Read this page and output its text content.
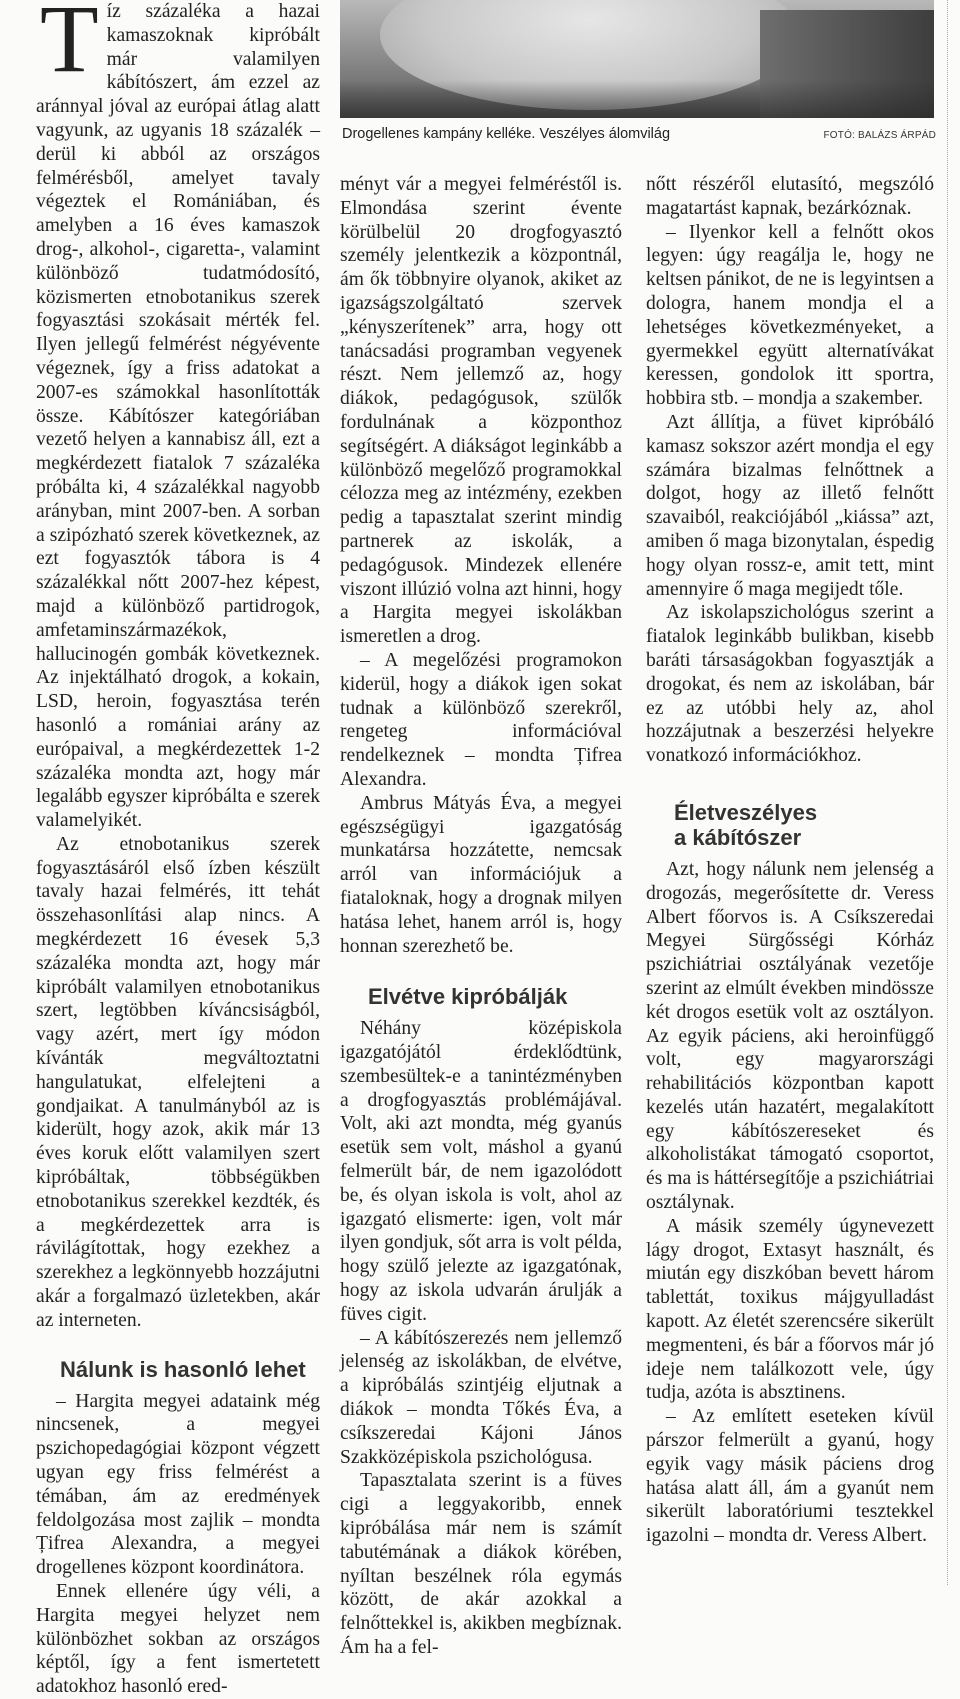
Drogellenes kampány kelléke. Veszélyes álomvilág	FOTÓ: BALÁZS ÁRPÁD

Tíz százaléka a hazai kamaszoknak kipróbált már valamilyen kábítószert, ám ezzel az aránnyal jóval az európai átlag alatt vagyunk, az ugyanis 18 százalék – derül ki abból az országos felmérésből, amelyet tavaly végeztek el Romániában, és amelyben a 16 éves kamaszok drog-, alkohol-, cigaretta-, valamint különböző tudatmódosító, közismerten etnobotanikus szerek fogyasztási szokásait mérték fel. Ilyen jellegű felmérést négyévente végeznek, így a friss adatokat a 2007-es számokkal hasonlították össze. Kábítószer kategóriában vezető helyen a kannabisz áll, ezt a megkérdezett fiatalok 7 százaléka próbálta ki, 4 százalékkal nagyobb arányban, mint 2007-ben. A sorban a szipózható szerek következnek, az ezt fogyasztók tábora is 4 százalékkal nőtt 2007-hez képest, majd a különböző partidrogok, amfetaminszármazékok, hallucinogén gombák következnek. Az injektálható drogok, a kokain, LSD, heroin, fogyasztása terén hasonló a romániai arány az európaival, a megkérdezettek 1-2 százaléka mondta azt, hogy már legalább egyszer kipróbálta e szerek valamelyikét.

Az etnobotanikus szerek fogyasztásáról első ízben készült tavaly hazai felmérés, itt tehát összehasonlítási alap nincs. A megkérdezett 16 évesek 5,3 százaléka mondta azt, hogy már kipróbált valamilyen etnobotanikus szert, legtöbben kíváncsiságból, vagy azért, mert így módon kívánták megváltoztatni hangulatukat, elfelejteni a gondjaikat. A tanulmányból az is kiderült, hogy azok, akik már 13 éves koruk előtt valamilyen szert kipróbáltak, többségükben etnobotanikus szerekkel kezdték, és a megkérdezettek arra is rávilágítottak, hogy ezekhez a szerekhez a legkönnyebb hozzájutni akár a forgalmazó üzletekben, akár az interneten.

Nálunk is hasonló lehet

– Hargita megyei adataink még nincsenek, a megyei pszichopedagógiai központ végzett ugyan egy friss felmérést a témában, ám az eredmények feldolgozása most zajlik – mondta Țifrea Alexandra, a megyei drogellenes központ koordinátora.

Ennek ellenére úgy véli, a Hargita megyei helyzet nem különbözhet sokban az országos képtől, így a fent ismertetett adatokhoz hasonló ered-

ményt vár a megyei felméréstől is. Elmondása szerint évente körülbelül 20 drogfogyasztó személy jelentkezik a központnál, ám ők többnyire olyanok, akiket az igazságszolgáltató szervek „kényszerítenek” arra, hogy ott tanácsadási programban vegyenek részt. Nem jellemző az, hogy diákok, pedagógusok, szülők fordulnának a központhoz segítségért. A diákságot leginkább a különböző megelőző programokkal célozza meg az intézmény, ezekben pedig a tapasztalat szerint mindig partnerek az iskolák, a pedagógusok. Mindezek ellenére viszont illúzió volna azt hinni, hogy a Hargita megyei iskolákban ismeretlen a drog.

– A megelőzési programokon kiderül, hogy a diákok igen sokat tudnak a különböző szerekről, rengeteg információval rendelkeznek – mondta Țifrea Alexandra.

Ambrus Mátyás Éva, a megyei egészségügyi igazgatóság munkatársa hozzátette, nemcsak arról van információjuk a fiataloknak, hogy a drognak milyen hatása lehet, hanem arról is, hogy honnan szerezhető be.

Elvétve kipróbálják

Néhány középiskola igazgatójától érdeklődtünk, szembesültek-e a tanintézményben a drogfogyasztás problémájával. Volt, aki azt mondta, még gyanús esetük sem volt, máshol a gyanú felmerült bár, de nem igazolódott be, és olyan iskola is volt, ahol az igazgató elismerte: igen, volt már ilyen gondjuk, sőt arra is volt példa, hogy szülő jelezte az igazgatónak, hogy az iskola udvarán árulják a füves cigit.

– A kábítószerezés nem jellemző jelenség az iskolákban, de elvétve, a kipróbálás szintjéig eljutnak a diákok – mondta Tőkés Éva, a csíkszeredai Kájoni János Szakközépiskola pszichológusa.

Tapasztalata szerint is a füves cigi a leggyakoribb, ennek kipróbálása már nem is számít tabutémának a diákok körében, nyíltan beszélnek róla egymás között, de akár azokkal a felnőttekkel is, akikben megbíznak. Ám ha a fel-

nőtt részéről elutasító, megszóló magatartást kapnak, bezárkóznak.

– Ilyenkor kell a felnőtt okos legyen: úgy reagálja le, hogy ne keltsen pánikot, de ne is legyintsen a dologra, hanem mondja el a lehetséges következményeket, a gyermekkel együtt alternatívákat keressen, gondolok itt sportra, hobbira stb. – mondja a szakember.

Azt állítja, a füvet kipróbáló kamasz sokszor azért mondja el egy számára bizalmas felnőttnek a dolgot, hogy az illető felnőtt szavaiból, reakciójából „kiássa” azt, amiben ő maga bizonytalan, éspedig hogy olyan rossz-e, amit tett, mint amennyire ő maga megijedt tőle.

Az iskolapszichológus szerint a fiatalok leginkább bulikban, kisebb baráti társaságokban fogyasztják a drogokat, és nem az iskolában, bár ez az utóbbi hely az, ahol hozzájutnak a beszerzési helyekre vonatkozó információkhoz.

Életveszélyes
a kábítószer

Azt, hogy nálunk nem jelenség a drogozás, megerősítette dr. Veress Albert főorvos is. A Csíkszeredai Megyei Sürgősségi Kórház pszichiátriai osztályának vezetője szerint az elmúlt években mindössze két drogos esetük volt az osztályon. Az egyik páciens, aki heroinfüggő volt, egy magyarországi rehabilitációs központban kapott kezelés után hazatért, megalakított egy kábítószereseket és alkoholistákat támogató csoportot, és ma is háttérsegítője a pszichiátriai osztálynak.

A másik személy úgynevezett lágy drogot, Extasyt használt, és miután egy diszkóban bevett három tablettát, toxikus májgyulladást kapott. Az életét szerencsére sikerült megmenteni, és bár a főorvos már jó ideje nem találkozott vele, úgy tudja, azóta is absztinens.

– Az említett eseteken kívül párszor felmerült a gyanú, hogy egyik vagy másik páciens drog hatása alatt áll, ám a gyanút nem sikerült laboratóriumi tesztekkel igazolni – mondta dr. Veress Albert.
